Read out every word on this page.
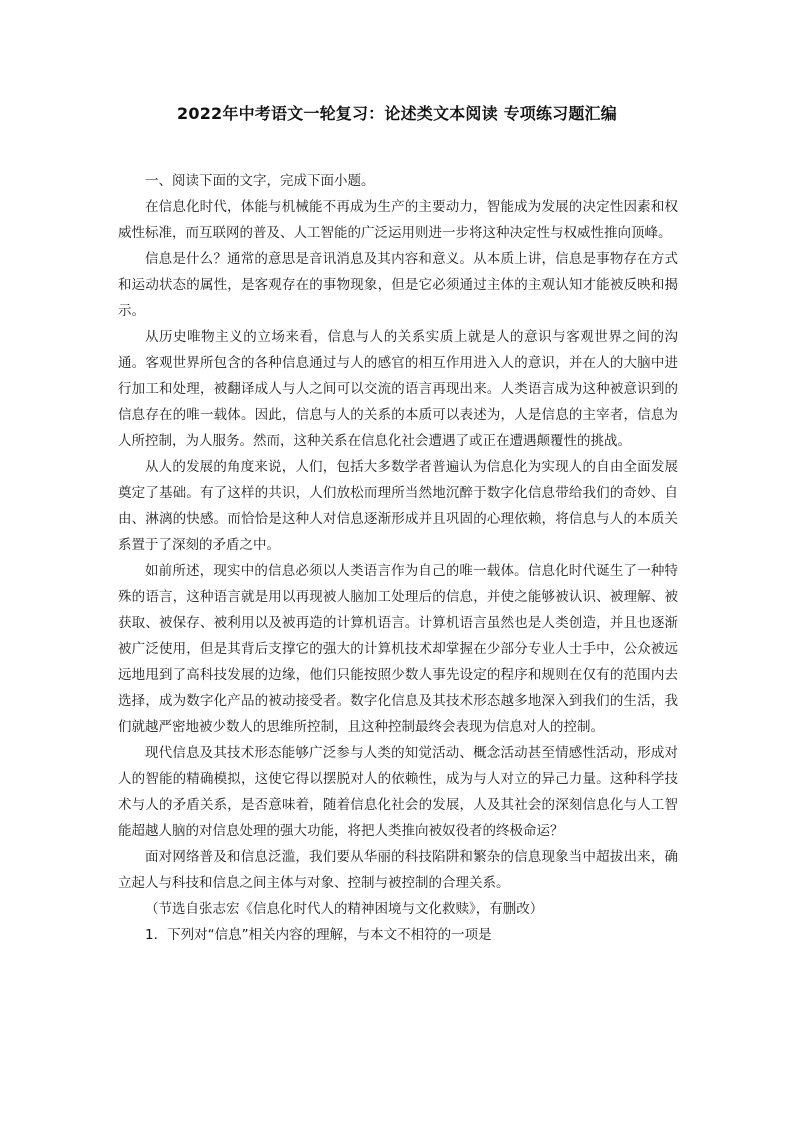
2022年中考语文一轮复习：论述类文本阅读 专项练习题汇编

一、阅读下面的文字，完成下面小题。

在信息化时代，体能与机械能不再成为生产的主要动力，智能成为发展的决定性因素和权威性标准，而互联网的普及、人工智能的广泛运用则进一步将这种决定性与权威性推向顶峰。

信息是什么？通常的意思是音讯消息及其内容和意义。从本质上讲，信息是事物存在方式和运动状态的属性，是客观存在的事物现象，但是它必须通过主体的主观认知才能被反映和揭示。

从历史唯物主义的立场来看，信息与人的关系实质上就是人的意识与客观世界之间的沟通。客观世界所包含的各种信息通过与人的感官的相互作用进入人的意识，并在人的大脑中进行加工和处理，被翻译成人与人之间可以交流的语言再现出来。人类语言成为这种被意识到的信息存在的唯一载体。因此，信息与人的关系的本质可以表述为，人是信息的主宰者，信息为人所控制，为人服务。然而，这种关系在信息化社会遭遇了或正在遭遇颠覆性的挑战。

从人的发展的角度来说，人们，包括大多数学者普遍认为信息化为实现人的自由全面发展奠定了基础。有了这样的共识，人们放松而理所当然地沉醉于数字化信息带给我们的奇妙、自由、淋漓的快感。而恰恰是这种人对信息逐渐形成并且巩固的心理依赖，将信息与人的本质关系置于了深刻的矛盾之中。

如前所述，现实中的信息必须以人类语言作为自己的唯一载体。信息化时代诞生了一种特殊的语言，这种语言就是用以再现被人脑加工处理后的信息，并使之能够被认识、被理解、被获取、被保存、被利用以及被再造的计算机语言。计算机语言虽然也是人类创造，并且也逐渐被广泛使用，但是其背后支撑它的强大的计算机技术却掌握在少部分专业人士手中，公众被远远地甩到了高科技发展的边缘，他们只能按照少数人事先设定的程序和规则在仅有的范围内去选择，成为数字化产品的被动接受者。数字化信息及其技术形态越多地深入到我们的生活，我们就越严密地被少数人的思维所控制，且这种控制最终会表现为信息对人的控制。

现代信息及其技术形态能够广泛参与人类的知觉活动、概念活动甚至情感性活动，形成对人的智能的精确模拟，这使它得以摆脱对人的依赖性，成为与人对立的异己力量。这种科学技术与人的矛盾关系，是否意味着，随着信息化社会的发展，人及其社会的深刻信息化与人工智能超越人脑的对信息处理的强大功能，将把人类推向被奴役者的终极命运？

面对网络普及和信息泛滥，我们要从华丽的科技陷阱和繁杂的信息现象当中超拔出来，确立起人与科技和信息之间主体与对象、控制与被控制的合理关系。

（节选自张志宏《信息化时代人的精神困境与文化救赎》，有删改）

1．下列对“信息”相关内容的理解，与本文不相符的一项是
